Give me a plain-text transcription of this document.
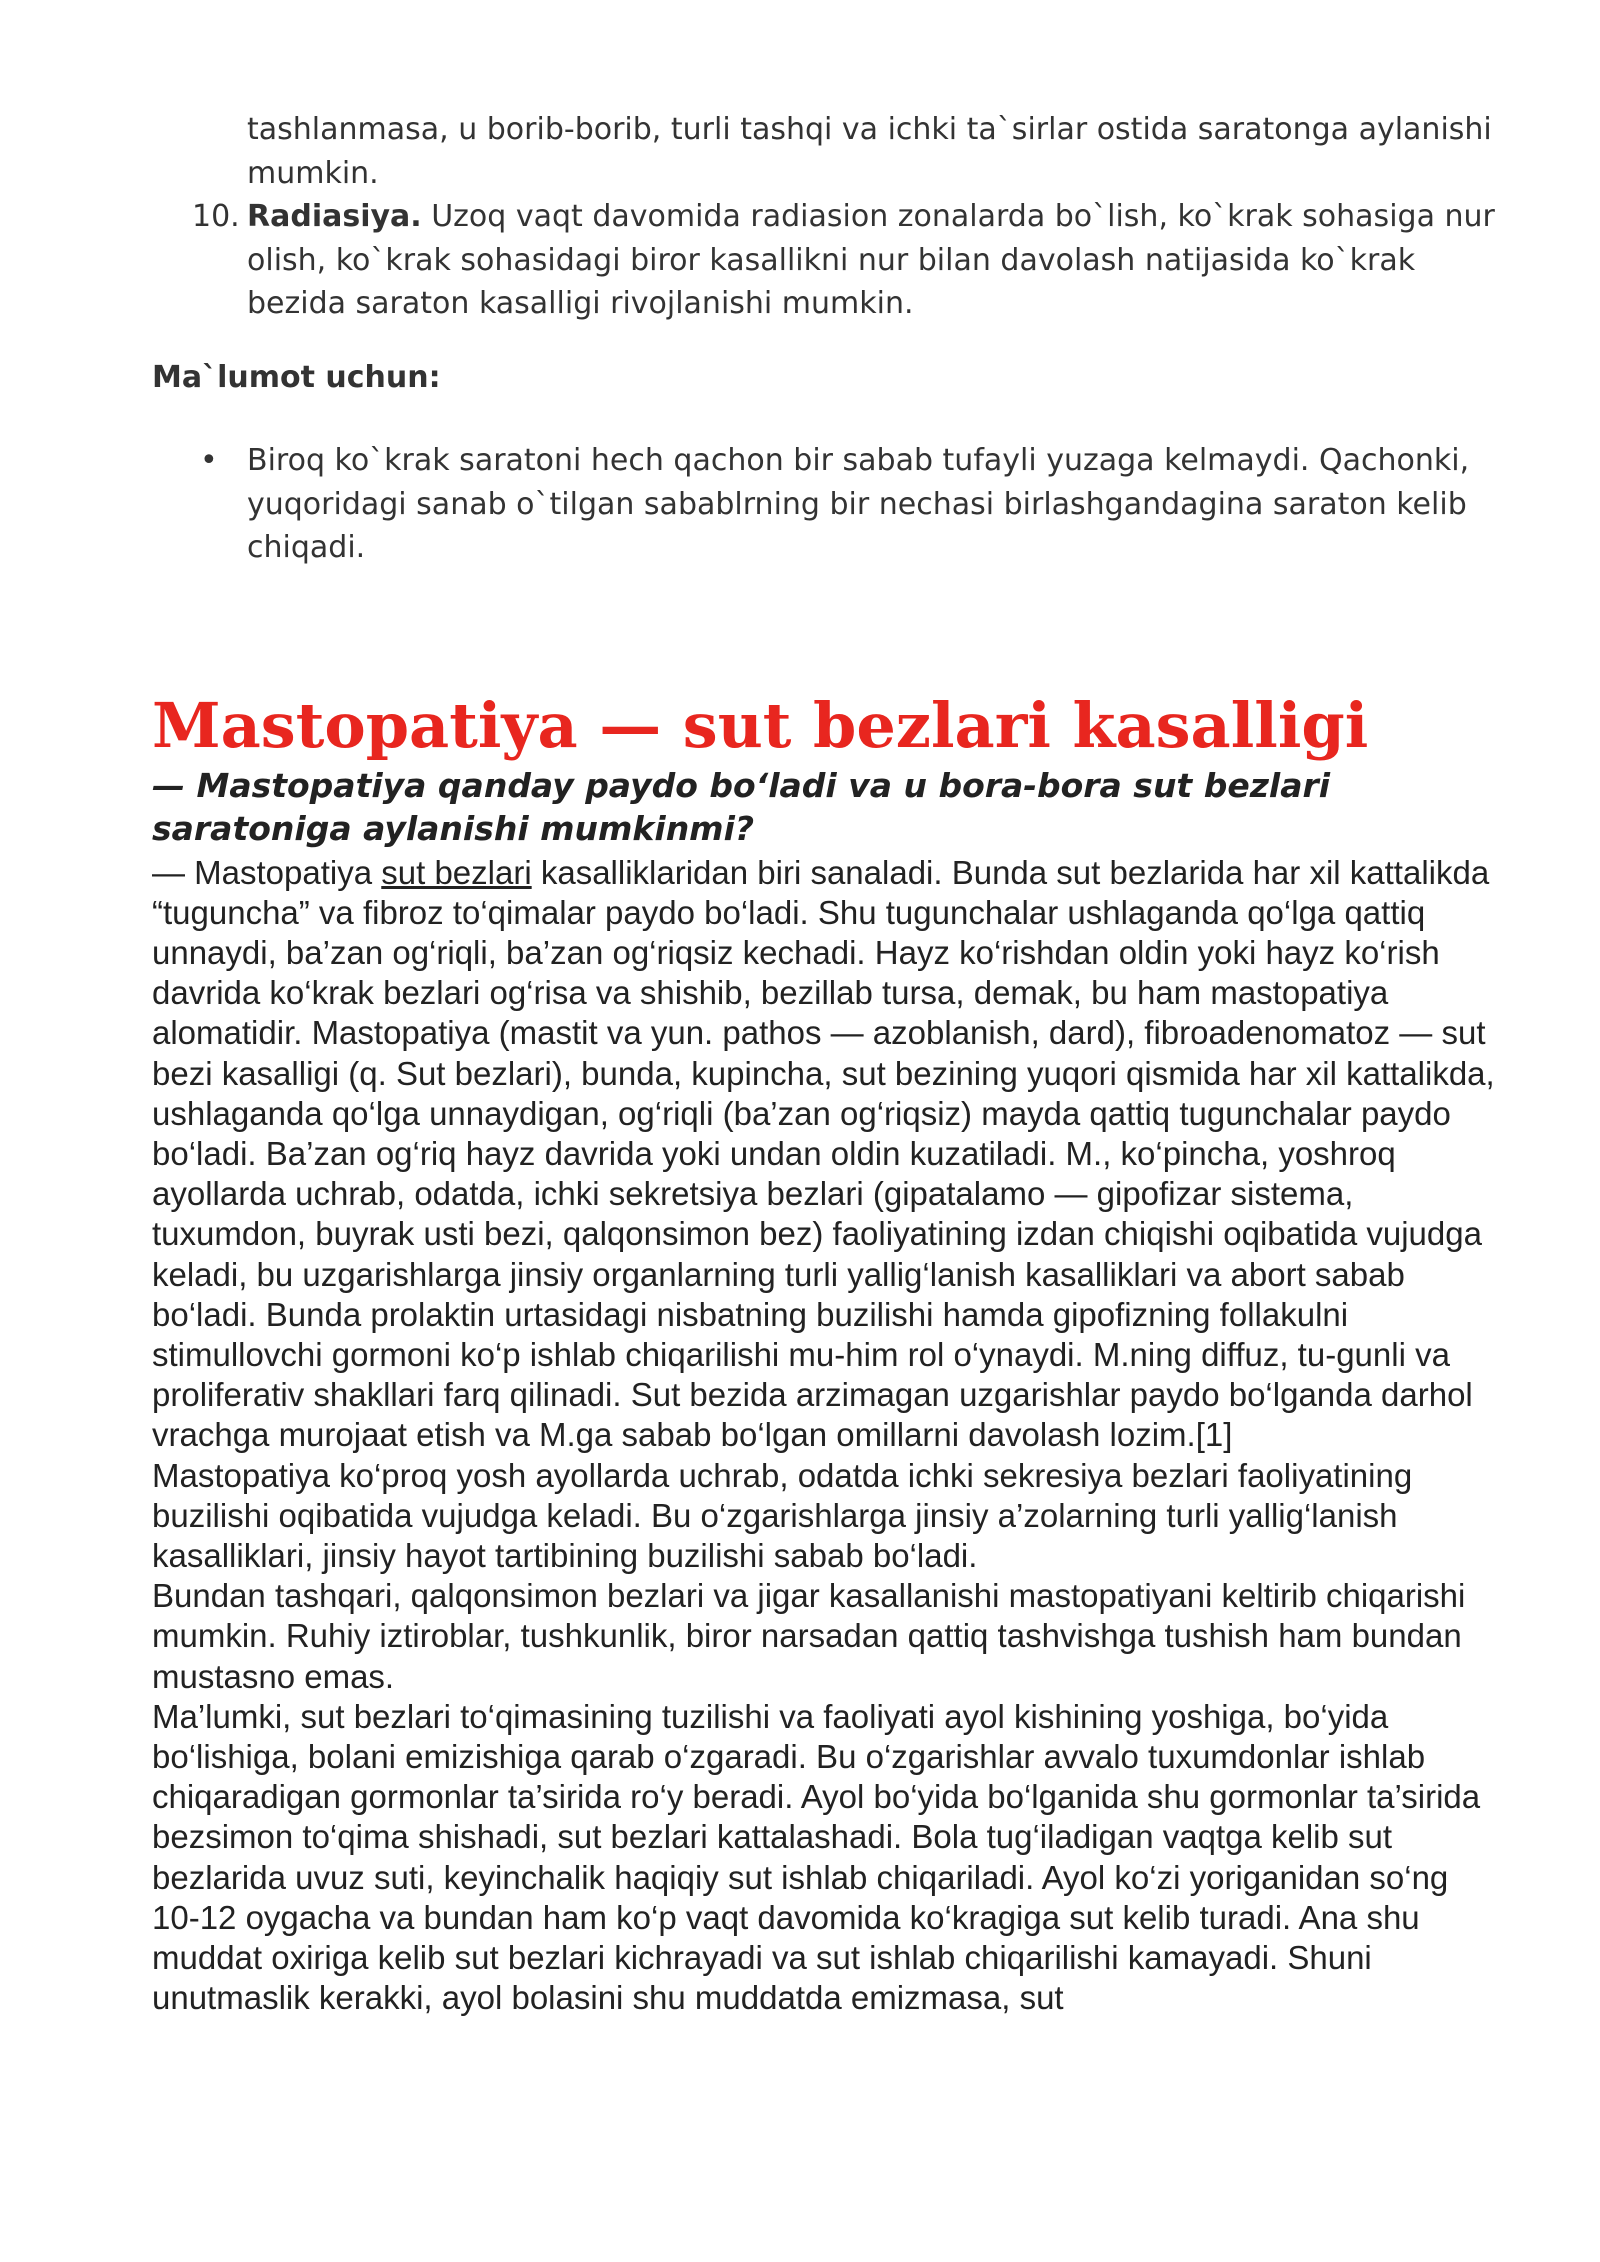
tashlanmasa, u borib-borib, turli tashqi va ichki ta`sirlar ostida saratonga aylanishi mumkin.
10. Radiasiya. Uzoq vaqt davomida radiasion zonalarda bo`lish, ko`krak sohasiga nur olish, ko`krak sohasidagi biror kasallikni nur bilan davolash natijasida ko`krak bezida saraton kasalligi rivojlanishi mumkin.
Ma`lumot uchun:
• Biroq ko`krak saratoni hech qachon bir sabab tufayli yuzaga kelmaydi. Qachonki, yuqoridagi sanab o`tilgan sabablrning bir nechasi birlashgandagina saraton kelib chiqadi.
Mastopatiya — sut bezlari kasalligi
— Mastopatiya qanday paydo bo‘ladi va u bora-bora sut bezlari saratoniga aylanishi mumkinmi?

— Mastopatiya sut bezlari kasalliklaridan biri sanaladi. Bunda sut bezlarida har xil kattalikda “tuguncha” va fibroz to‘qimalar paydo bo‘ladi. Shu tugunchalar ushlaganda qo‘lga qattiq unnaydi, ba’zan og‘riqli, ba’zan og‘riqsiz kechadi. Hayz ko‘rishdan oldin yoki hayz ko‘rish davrida ko‘krak bezlari og‘risa va shishib, bezillab tursa, demak, bu ham mastopatiya alomatidir. Mastopatiya (mastit va yun. pathos — azoblanish, dard), fibroadenomatoz — sut bezi kasalligi (q. Sut bezlari), bunda, kupincha, sut bezining yuqori qismida har xil kattalikda, ushlaganda qo‘lga unnaydigan, og‘riqli (ba’zan og‘riqsiz) mayda qattiq tugunchalar paydo bo‘ladi. Ba’zan og‘riq hayz davrida yoki undan oldin kuzatiladi. M., ko‘pincha, yoshroq ayollarda uchrab, odatda, ichki sekretsiya bezlari (gipatalamo — gipofizar sistema, tuxumdon, buyrak usti bezi, qalqonsimon bez) faoliyatining izdan chiqishi oqibatida vujudga keladi, bu uzgarishlarga jinsiy organlarning turli yallig‘lanish kasalliklari va abort sabab bo‘ladi. Bunda prolaktin urtasidagi nisbatning buzilishi hamda gipofizning follakulni stimullovchi gormoni ko‘p ishlab chiqarilishi mu-him rol o‘ynaydi. M.ning diffuz, tu-gunli va proliferativ shakllari farq qilinadi. Sut bezida arzimagan uzgarishlar paydo bo‘lganda darhol vrachga murojaat etish va M.ga sabab bo‘lgan omillarni davolash lozim.[1]

Mastopatiya ko‘proq yosh ayollarda uchrab, odatda ichki sekresiya bezlari faoliyatining buzilishi oqibatida vujudga keladi. Bu o‘zgarishlarga jinsiy a’zolarning turli yallig‘lanish kasalliklari, jinsiy hayot tartibining buzilishi sabab bo‘ladi.

Bundan tashqari, qalqonsimon bezlari va jigar kasallanishi mastopatiyani keltirib chiqarishi mumkin. Ruhiy iztiroblar, tushkunlik, biror narsadan qattiq tashvishga tushish ham bundan mustasno emas.

Ma’lumki, sut bezlari to‘qimasining tuzilishi va faoliyati ayol kishining yoshiga, bo‘yida bo‘lishiga, bolani emizishiga qarab o‘zgaradi. Bu o‘zgarishlar avvalo tuxumdonlar ishlab chiqaradigan gormonlar ta’sirida ro‘y beradi. Ayol bo‘yida bo‘lganida shu gormonlar ta’sirida bezsimon to‘qima shishadi, sut bezlari kattalashadi. Bola tug‘iladigan vaqtga kelib sut bezlarida uvuz suti, keyinchalik haqiqiy sut ishlab chiqariladi. Ayol ko‘zi yoriganidan so‘ng 10-12 oygacha va bundan ham ko‘p vaqt davomida ko‘kragiga sut kelib turadi. Ana shu muddat oxiriga kelib sut bezlari kichrayadi va sut ishlab chiqarilishi kamayadi. Shuni unutmaslik kerakki, ayol bolasini shu muddatda emizmasa, sut
